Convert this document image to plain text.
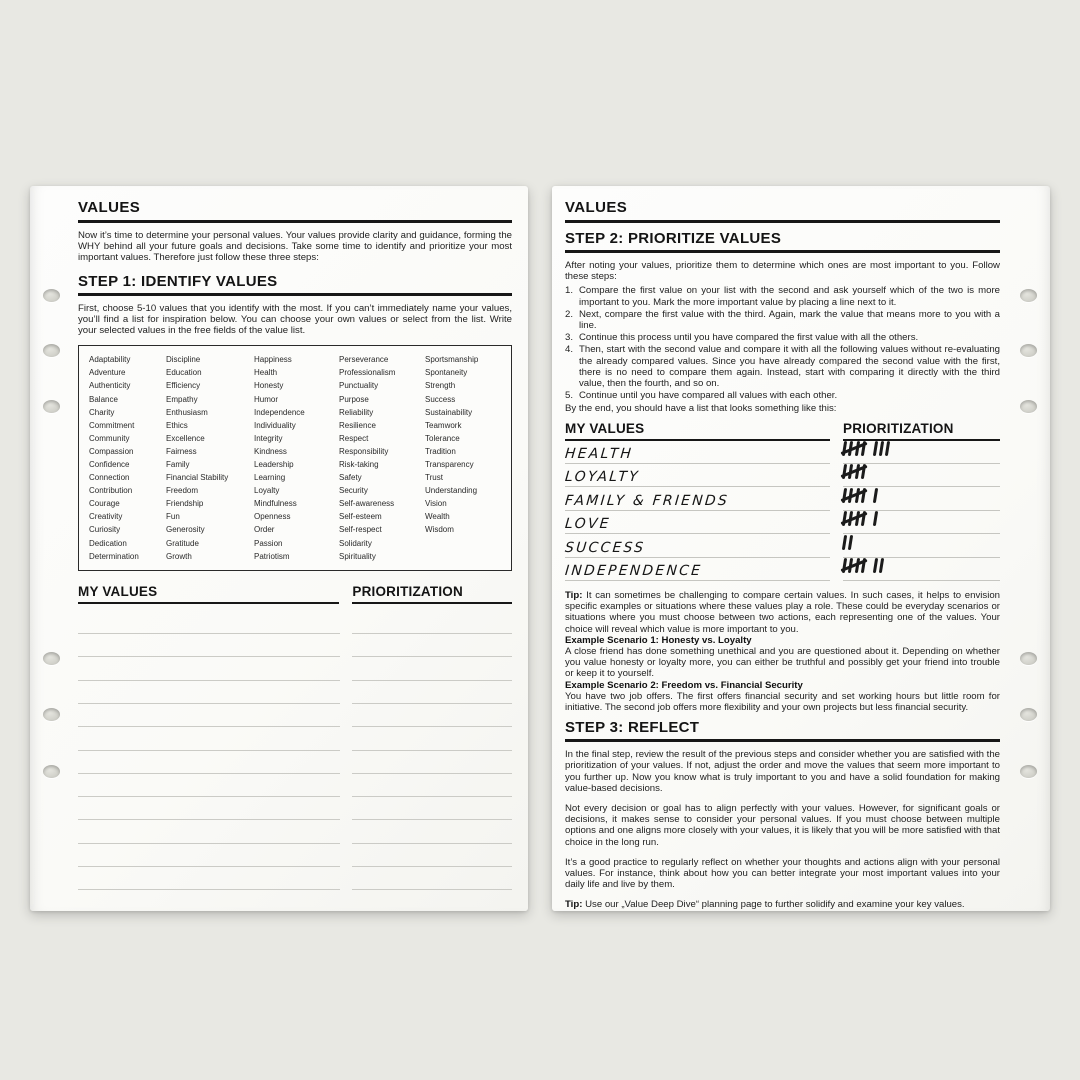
VALUES

Now it’s time to determine your personal values. Your values provide clarity and guidance, forming the WHY behind all your future goals and decisions. Take some time to identify and prioritize your most important values. Therefore just follow these three steps:

STEP 1: IDENTIFY VALUES

First, choose 5-10 values that you identify with the most. If you can’t immediately name your values, you’ll find a list for inspiration below. You can choose your own values or select from the list. Write your selected values in the free fields of the value list.

Adaptability
Adventure
Authenticity
Balance
Charity
Commitment
Community
Compassion
Confidence
Connection
Contribution
Courage
Creativity
Curiosity
Dedication
Determination
Discipline
Education
Efficiency
Empathy
Enthusiasm
Ethics
Excellence
Fairness
Family
Financial Stability
Freedom
Friendship
Fun
Generosity
Gratitude
Growth
Happiness
Health
Honesty
Humor
Independence
Individuality
Integrity
Kindness
Leadership
Learning
Loyalty
Mindfulness
Openness
Order
Passion
Patriotism
Perseverance
Professionalism
Punctuality
Purpose
Reliability
Resilience
Respect
Responsibility
Risk-taking
Safety
Security
Self-awareness
Self-esteem
Self-respect
Solidarity
Spirituality
Sportsmanship
Spontaneity
Strength
Success
Sustainability
Teamwork
Tolerance
Tradition
Transparency
Trust
Understanding
Vision
Wealth
Wisdom
MY VALUES	PRIORITIZATION
VALUES
STEP 2: PRIORITIZE VALUES

After noting your values, prioritize them to determine which ones are most important to you. Follow these steps:

1. Compare the first value on your list with the second and ask yourself which of the two is more important to you. Mark the more important value by placing a line next to it.
2. Next, compare the first value with the third. Again, mark the value that means more to you with a line.
3. Continue this process until you have compared the first value with all the others.
4. Then, start with the second value and compare it with all the following values without re-evaluating the already compared values. Since you have already compared the second value with the first, there is no need to compare them again. Instead, start with comparing it directly with the third value, then the fourth, and so on.
5. Continue until you have compared all values with each other.

By the end, you should have a list that looks something like this:

MY VALUES	PRIORITIZATION
HEALTH
LOYALTY
FAMILY & FRIENDS
LOVE
SUCCESS
INDEPENDENCE

Tip: It can sometimes be challenging to compare certain values. In such cases, it helps to envision specific examples or situations where these values play a role. These could be everyday scenarios or situations where you must choose between two actions, each representing one of the values. Your choice will reveal which value is more important to you.

Example Scenario 1: Honesty vs. Loyalty

A close friend has done something unethical and you are questioned about it. Depending on whether you value honesty or loyalty more, you can either be truthful and possibly get your friend into trouble or keep it to yourself.

Example Scenario 2: Freedom vs. Financial Security

You have two job offers. The first offers financial security and set working hours but little room for initiative. The second job offers more flexibility and your own projects but less financial security.

STEP 3: REFLECT

In the final step, review the result of the previous steps and consider whether you are satisfied with the prioritization of your values. If not, adjust the order and move the values that seem more important to you further up. Now you know what is truly important to you and have a solid foundation for making value-based decisions.

Not every decision or goal has to align perfectly with your values. However, for significant goals or decisions, it makes sense to consider your personal values. If you must choose between multiple options and one aligns more closely with your values, it is likely that you will be more satisfied with that choice in the long run.

It’s a good practice to regularly reflect on whether your thoughts and actions align with your personal values. For instance, think about how you can better integrate your most important values into your daily life and live by them.

Tip: Use our „Value Deep Dive“ planning page to further solidify and examine your key values.
